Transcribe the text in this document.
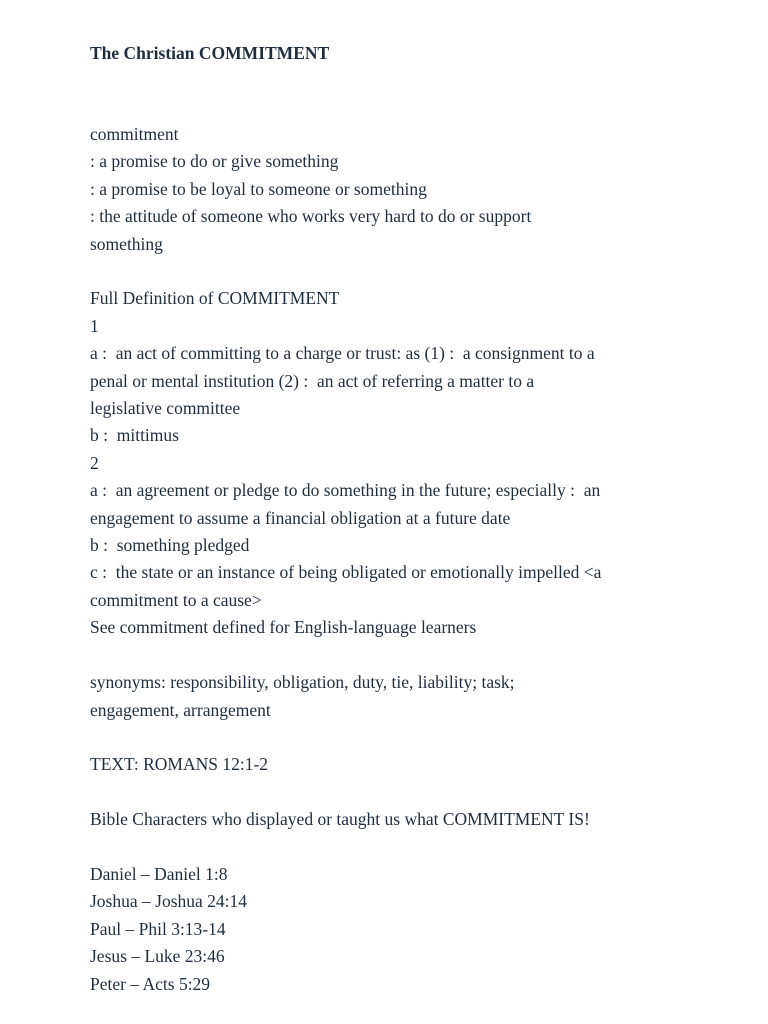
The Christian COMMITMENT

commitment

: a promise to do or give something

: a promise to be loyal to someone or something

: the attitude of someone who works very hard to do or support

something

Full Definition of COMMITMENT

1

a :  an act of committing to a charge or trust: as (1) :  a consignment to a

penal or mental institution (2) :  an act of referring a matter to a

legislative committee

b :  mittimus

2

a :  an agreement or pledge to do something in the future; especially :  an

engagement to assume a financial obligation at a future date

b :  something pledged

c :  the state or an instance of being obligated or emotionally impelled <a

commitment to a cause>

See commitment defined for English-language learners

synonyms: responsibility, obligation, duty, tie, liability; task;

engagement, arrangement

TEXT: ROMANS 12:1-2

Bible Characters who displayed or taught us what COMMITMENT IS!

Daniel – Daniel 1:8

Joshua – Joshua 24:14

Paul – Phil 3:13-14

Jesus – Luke 23:46

Peter – Acts 5:29
